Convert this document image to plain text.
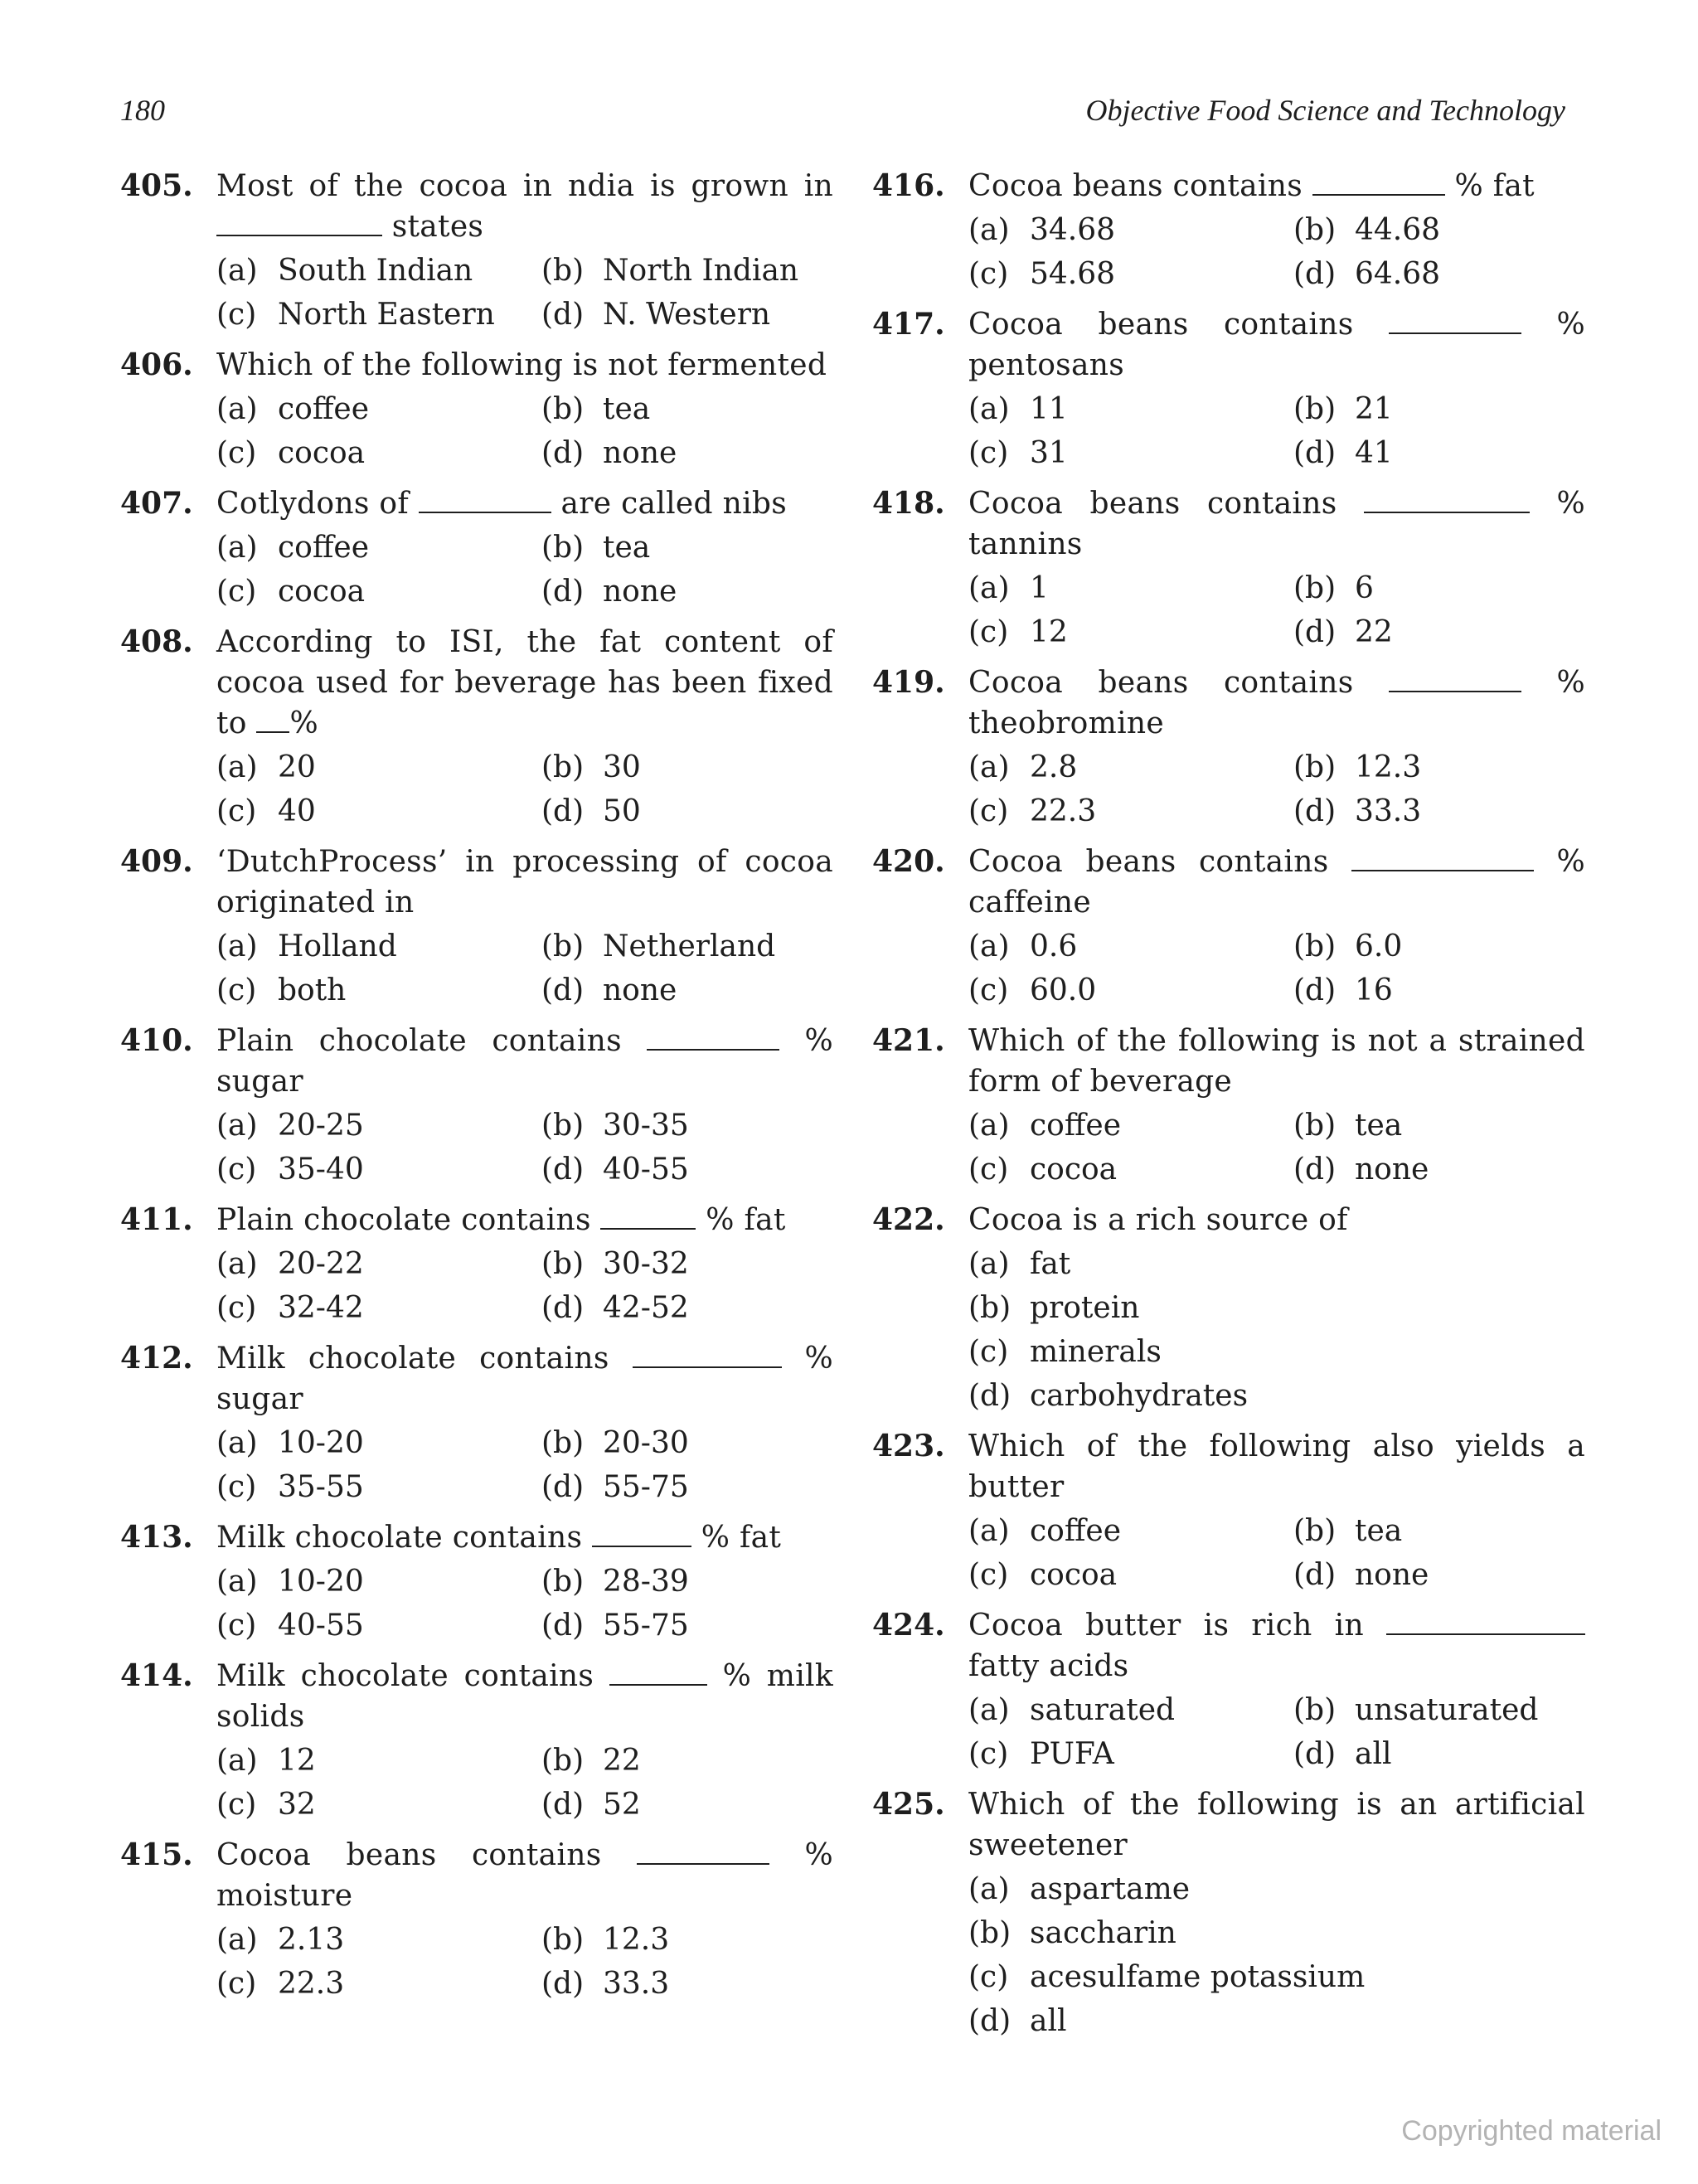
180	Objective Food Science and Technology
405. Most of the cocoa in ndia is grown in  states
(a) South Indian	(b) North Indian
(c) North Eastern	(d) N. Western
406. Which of the following is not fermented
(a) coffee	(b) tea
(c) cocoa	(d) none
407. Cotlydons of	are called nibs
(a) coffee	(b) tea
(c) cocoa	(d) none
408. According to ISI, the fat content of cocoa used for beverage has been fixed to %
(a) 20	(b) 30
(c) 40	(d) 50
409. ‘DutchProcess’ in processing of cocoa originated in
(a) Holland	(b) Netherland
(c) both	(d) none
410. Plain chocolate contains	% sugar
(a) 20-25	(b) 30-35
(c) 35-40	(d) 40-55
411. Plain chocolate contains	% fat
(a) 20-22	(b) 30-32
(c) 32-42	(d) 42-52
412. Milk chocolate contains	% sugar
(a) 10-20	(b) 20-30
(c) 35-55	(d) 55-75
413. Milk chocolate contains	% fat
(a) 10-20	(b) 28-39
(c) 40-55	(d) 55-75
414. Milk chocolate contains	% milk solids
(a) 12	(b) 22
(c) 32	(d) 52
415. Cocoa beans contains	% moisture
(a) 2.13	(b) 12.3
(c) 22.3	(d) 33.3
416. Cocoa beans contains	% fat
(a) 34.68	(b) 44.68
(c) 54.68	(d) 64.68
417. Cocoa beans contains	% pentosans
(a) 11	(b) 21
(c) 31	(d) 41
418. Cocoa beans contains	% tannins
(a) 1	(b) 6
(c) 12	(d) 22
419. Cocoa beans contains	% theobromine
(a) 2.8	(b) 12.3
(c) 22.3	(d) 33.3
420. Cocoa beans contains	% caffeine
(a) 0.6	(b) 6.0
(c) 60.0	(d) 16
421. Which of the following is not a strained form of beverage
(a) coffee	(b) tea
(c) cocoa	(d) none
422. Cocoa is a rich source of
(a) fat
(b) protein
(c) minerals
(d) carbohydrates
423. Which of the following also yields a butter
(a) coffee	(b) tea
(c) cocoa	(d) none
424. Cocoa butter is rich in  fatty acids
(a) saturated	(b) unsaturated
(c) PUFA	(d) all
425. Which of the following is an artificial sweetener
(a) aspartame
(b) saccharin
(c) acesulfame potassium
(d) all
Copyrighted material
